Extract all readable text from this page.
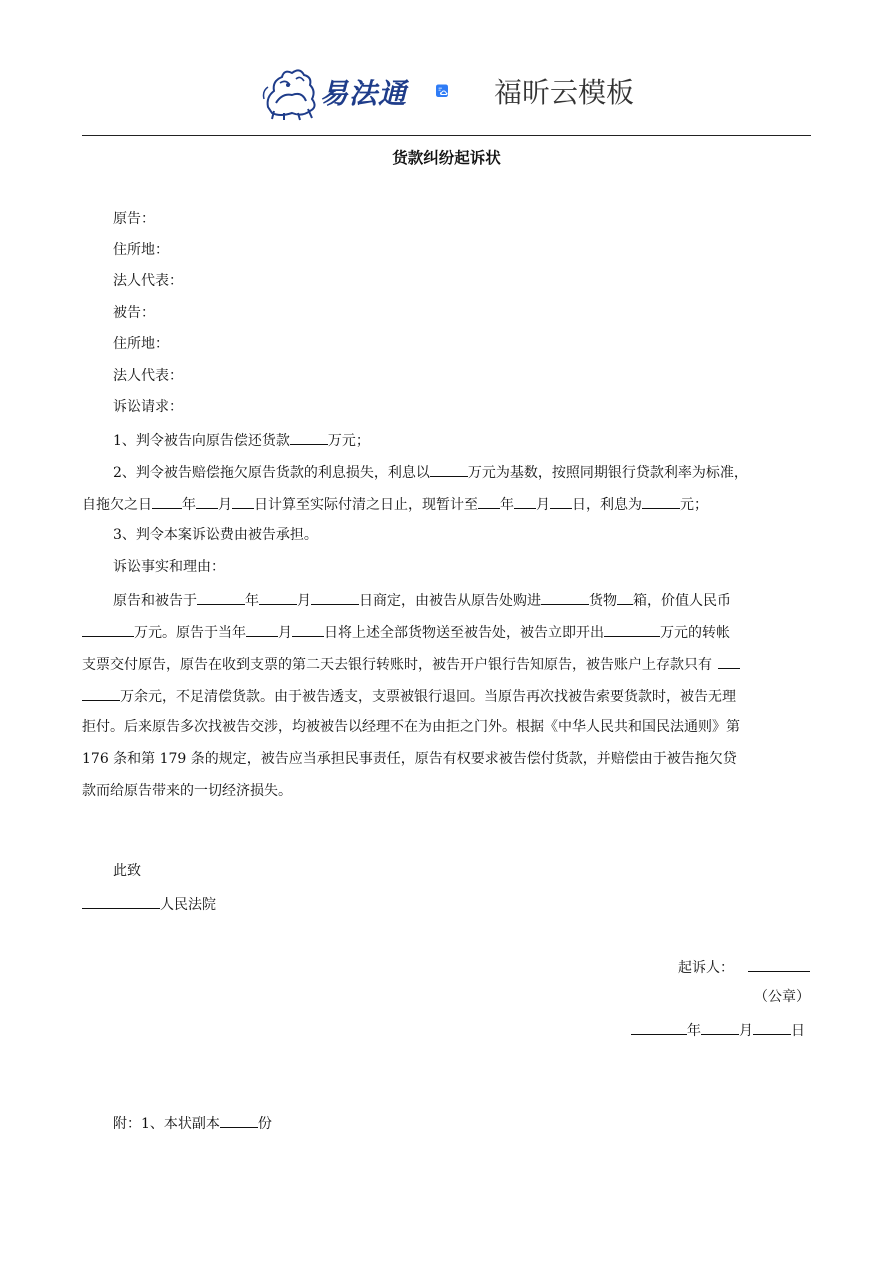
易法通	福昕云模板
货款纠纷起诉状
原告：
住所地：
法人代表：
被告：
住所地：
法人代表：
诉讼请求：
1、判令被告向原告偿还货款	万元；
2、判令被告赔偿拖欠原告货款的利息损失，利息以	万元为基数，按照同期银行贷款利率为标准，
自拖欠之日 年 月 日计算至实际付清之日止，现暂计至 年 月 日，利息为	元；
3、判令本案诉讼费由被告承担。
诉讼事实和理由：
原告和被告于	年	月	日商定，由被告从原告处购进	货物 箱，价值人民币
万元。原告于当年 月 日将上述全部货物送至被告处，被告立即开出	万元的转帐
支票交付原告，原告在收到支票的第二天去银行转账时，被告开户银行告知原告，被告账户上存款只有
万余元，不足清偿货款。由于被告透支，支票被银行退回。当原告再次找被告索要货款时，被告无理
拒付。后来原告多次找被告交涉，均被被告以经理不在为由拒之门外。根据《中华人民共和国民法通则》第
176 条和第 179 条的规定，被告应当承担民事责任，原告有权要求被告偿付货款，并赔偿由于被告拖欠贷
款而给原告带来的一切经济损失。
此致
人民法院
起诉人：
（公章）
年	月	日
附：1、本状副本	份
